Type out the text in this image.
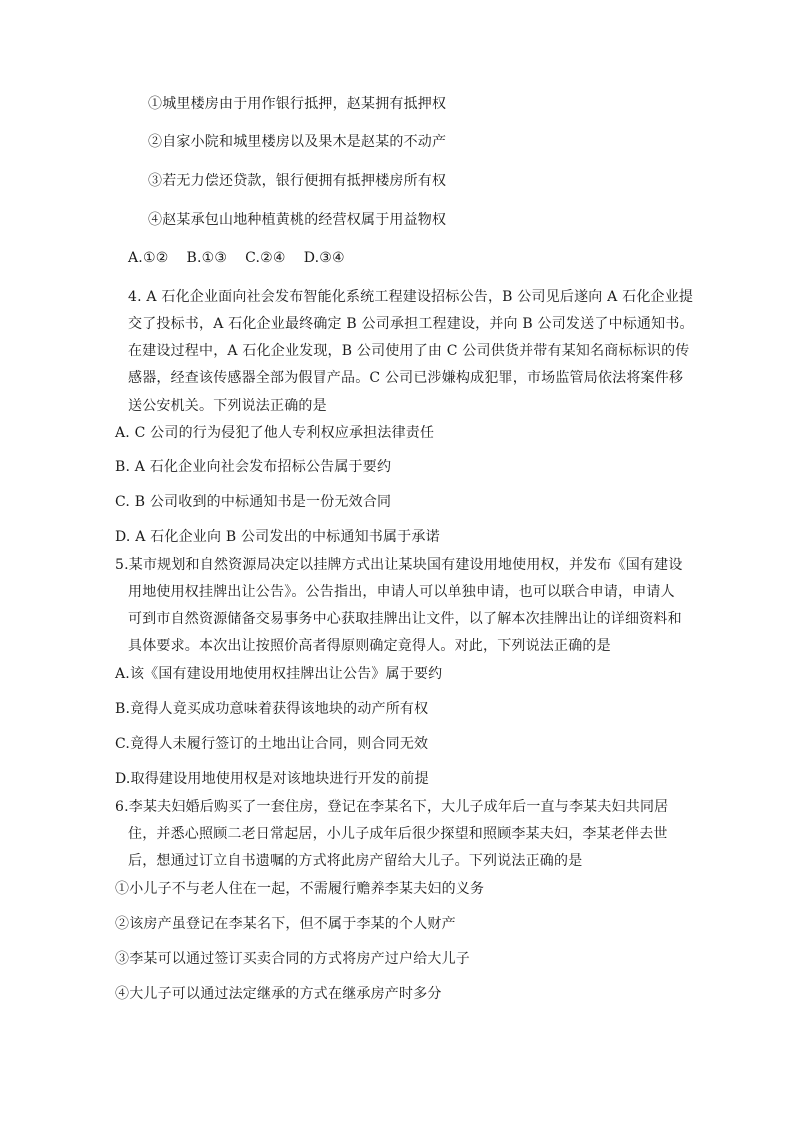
①城里楼房由于用作银行抵押，赵某拥有抵押权
②自家小院和城里楼房以及果木是赵某的不动产
③若无力偿还贷款，银行便拥有抵押楼房所有权
④赵某承包山地种植黄桃的经营权属于用益物权
A.①② B.①③ C.②④ D.③④
4. A 石化企业面向社会发布智能化系统工程建设招标公告，B 公司见后遂向 A 石化企业提
交了投标书，A 石化企业最终确定 B 公司承担工程建设，并向 B 公司发送了中标通知书。
在建设过程中，A 石化企业发现，B 公司使用了由 C 公司供货并带有某知名商标标识的传
感器，经查该传感器全部为假冒产品。C 公司已涉嫌构成犯罪，市场监管局依法将案件移
送公安机关。下列说法正确的是
A. C 公司的行为侵犯了他人专利权应承担法律责任
B. A 石化企业向社会发布招标公告属于要约
C. B 公司收到的中标通知书是一份无效合同
D. A 石化企业向 B 公司发出的中标通知书属于承诺
5.某市规划和自然资源局决定以挂牌方式出让某块国有建设用地使用权，并发布《国有建设
用地使用权挂牌出让公告》。公告指出，申请人可以单独申请，也可以联合申请，申请人
可到市自然资源储备交易事务中心获取挂牌出让文件，以了解本次挂牌出让的详细资料和
具体要求。本次出让按照价高者得原则确定竟得人。对此，下列说法正确的是
A.该《国有建设用地使用权挂牌出让公告》属于要约
B.竟得人竟买成功意味着获得该地块的动产所有权
C.竟得人未履行签订的土地出让合同，则合同无效
D.取得建设用地使用权是对该地块进行开发的前提
6.李某夫妇婚后购买了一套住房，登记在李某名下，大儿子成年后一直与李某夫妇共同居
住，并悉心照顾二老日常起居，小儿子成年后很少探望和照顾李某夫妇，李某老伴去世
后，想通过订立自书遗嘱的方式将此房产留给大儿子。下列说法正确的是
①小儿子不与老人住在一起，不需履行赡养李某夫妇的义务
②该房产虽登记在李某名下，但不属于李某的个人财产
③李某可以通过签订买卖合同的方式将房产过户给大儿子
④大儿子可以通过法定继承的方式在继承房产时多分
